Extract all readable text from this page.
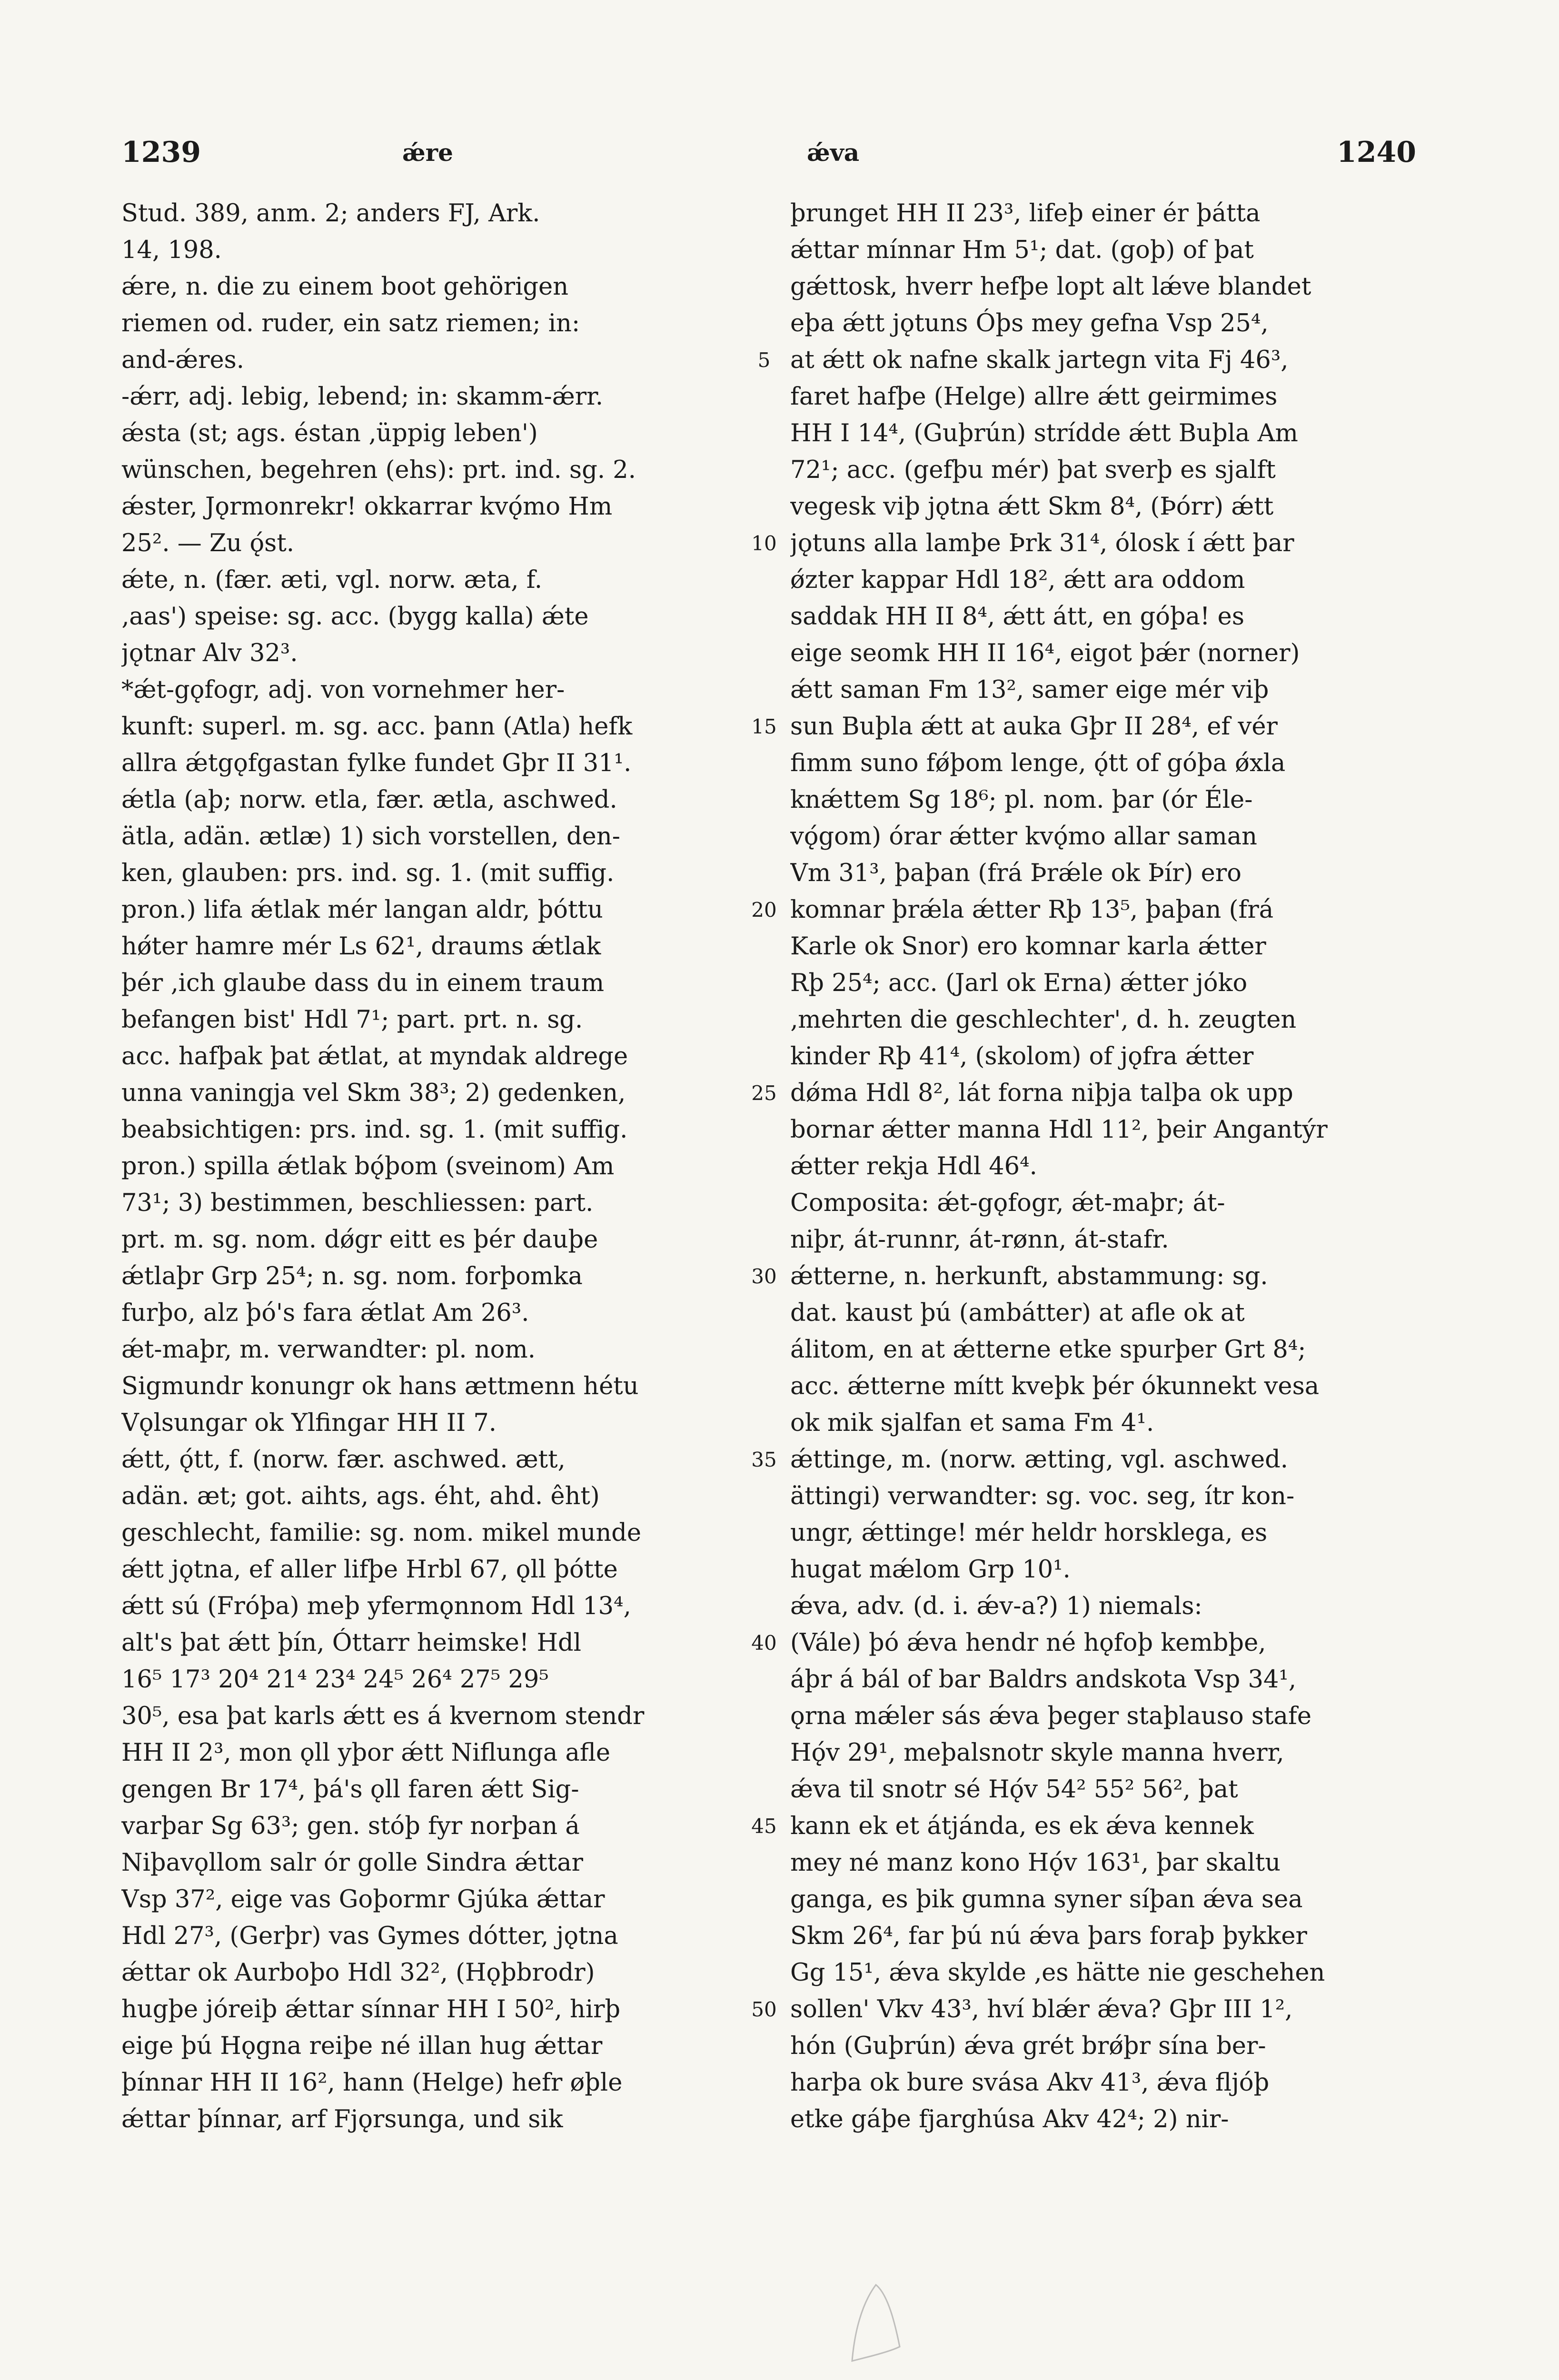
1239	ǽre	ǽva	1240
Stud. 389, anm. 2; anders FJ, Ark.
14, 198.
ǽre, n. die zu einem boot gehörigen
riemen od. ruder, ein satz riemen; in:
and-ǽres.
-ǽrr, adj. lebig, lebend; in: skamm-ǽrr.
ǽsta (st; ags. éstan ‚üppig leben')
wünschen, begehren (ehs): prt. ind. sg. 2.
ǽster, Jǫrmonrekr! okkarrar kvǫ́mo Hm
25². — Zu ǫ́st.
ǽte, n. (fær. æti, vgl. norw. æta, f.
‚aas') speise: sg. acc. (bygg kalla) ǽte
jǫtnar Alv 32³.
*ǽt-gǫfogr, adj. von vornehmer her-
kunft: superl. m. sg. acc. þann (Atla) hefk
allra ǽtgǫfgastan fylke fundet Gþr II 31¹.
ǽtla (aþ; norw. etla, fær. ætla, aschwed.
ätla, adän. ætlæ) 1) sich vorstellen, den-
ken, glauben: prs. ind. sg. 1. (mit suffig.
pron.) lifa ǽtlak mér langan aldr, þóttu
hǿter hamre mér Ls 62¹, draums ǽtlak
þér ‚ich glaube dass du in einem traum
befangen bist' Hdl 7¹; part. prt. n. sg.
acc. hafþak þat ǽtlat, at myndak aldrege
unna vaningja vel Skm 38³; 2) gedenken,
beabsichtigen: prs. ind. sg. 1. (mit suffig.
pron.) spilla ǽtlak bǫ́þom (sveinom) Am
73¹; 3) bestimmen, beschliessen: part.
prt. m. sg. nom. dǿgr eitt es þér dauþe
ǽtlaþr Grp 25⁴; n. sg. nom. forþomka
furþo, alz þó's fara ǽtlat Am 26³.
ǽt-maþr, m. verwandter: pl. nom.
Sigmundr konungr ok hans ættmenn hétu
Vǫlsungar ok Ylfingar HH II 7.
ǽtt, ǫ́tt, f. (norw. fær. aschwed. ætt,
adän. æt; got. aihts, ags. éht, ahd. êht)
geschlecht, familie: sg. nom. mikel munde
ǽtt jǫtna, ef aller lifþe Hrbl 67, ǫll þótte
ǽtt sú (Fróþa) meþ yfermǫnnom Hdl 13⁴,
alt's þat ǽtt þín, Óttarr heimske! Hdl
16⁵ 17³ 20⁴ 21⁴ 23⁴ 24⁵ 26⁴ 27⁵ 29⁵
30⁵, esa þat karls ǽtt es á kvernom stendr
HH II 2³, mon ǫll yþor ǽtt Niflunga afle
gengen Br 17⁴, þá's ǫll faren ǽtt Sig-
varþar Sg 63³; gen. stóþ fyr norþan á
Niþavǫllom salr ór golle Sindra ǽttar
Vsp 37², eige vas Goþormr Gjúka ǽttar
Hdl 27³, (Gerþr) vas Gymes dótter, jǫtna
ǽttar ok Aurboþo Hdl 32², (Hǫþbrodr)
hugþe jóreiþ ǽttar sínnar HH I 50², hirþ
eige þú Hǫgna reiþe né illan hug ǽttar
þínnar HH II 16², hann (Helge) hefr øþle
ǽttar þínnar, arf Fjǫrsunga, und sik
5
10
15
20
25
30
35
40
45
50
þrunget HH II 23³, lifeþ einer ér þátta
ǽttar mínnar Hm 5¹; dat. (goþ) of þat
gǽttosk, hverr hefþe lopt alt lǽve blandet
eþa ǽtt jǫtuns Óþs mey gefna Vsp 25⁴,
at ǽtt ok nafne skalk jartegn vita Fj 46³,
faret hafþe (Helge) allre ǽtt geirmimes
HH I 14⁴, (Guþrún) strídde ǽtt Buþla Am
72¹; acc. (gefþu mér) þat sverþ es sjalft
vegesk viþ jǫtna ǽtt Skm 8⁴, (Þórr) ǽtt
jǫtuns alla lamþe Þrk 31⁴, ólosk í ǽtt þar
ǿzter kappar Hdl 18², ǽtt ara oddom
saddak HH II 8⁴, ǽtt átt, en góþa! es
eige seomk HH II 16⁴, eigot þǽr (norner)
ǽtt saman Fm 13², samer eige mér viþ
sun Buþla ǽtt at auka Gþr II 28⁴, ef vér
fimm suno fǿþom lenge, ǫ́tt of góþa ǿxla
knǽttem Sg 18⁶; pl. nom. þar (ór Éle-
vǫ́gom) órar ǽtter kvǫ́mo allar saman
Vm 31³, þaþan (frá Þrǽle ok Þír) ero
komnar þrǽla ǽtter Rþ 13⁵, þaþan (frá
Karle ok Snor) ero komnar karla ǽtter
Rþ 25⁴; acc. (Jarl ok Erna) ǽtter jóko
‚mehrten die geschlechter', d. h. zeugten
kinder Rþ 41⁴, (skolom) of jǫfra ǽtter
dǿma Hdl 8², lát forna niþja talþa ok upp
bornar ǽtter manna Hdl 11², þeir Angantýr
ǽtter rekja Hdl 46⁴.
Composita: ǽt-gǫfogr, ǽt-maþr; át-
niþr, át-runnr, át-rønn, át-stafr.
ǽtterne, n. herkunft, abstammung: sg.
dat. kaust þú (ambátter) at afle ok at
álitom, en at ǽtterne etke spurþer Grt 8⁴;
acc. ǽtterne mítt kveþk þér ókunnekt vesa
ok mik sjalfan et sama Fm 4¹.
ǽttinge, m. (norw. ætting, vgl. aschwed.
ättingi) verwandter: sg. voc. seg, ítr kon-
ungr, ǽttinge! mér heldr horsklega, es
hugat mǽlom Grp 10¹.
ǽva, adv. (d. i. ǽv-a?) 1) niemals:
(Vále) þó ǽva hendr né hǫfoþ kembþe,
áþr á bál of bar Baldrs andskota Vsp 34¹,
ǫrna mǽler sás ǽva þeger staþlauso stafe
Hǫ́v 29¹, meþalsnotr skyle manna hverr,
ǽva til snotr sé Hǫ́v 54² 55² 56², þat
kann ek et átjánda, es ek ǽva kennek
mey né manz kono Hǫ́v 163¹, þar skaltu
ganga, es þik gumna syner síþan ǽva sea
Skm 26⁴, far þú nú ǽva þars foraþ þykker
Gg 15¹, ǽva skylde ‚es hätte nie geschehen
sollen' Vkv 43³, hví blǽr ǽva? Gþr III 1²,
hón (Guþrún) ǽva grét brǿþr sína ber-
harþa ok bure svása Akv 41³, ǽva fljóþ
etke gáþe fjarghúsa Akv 42⁴; 2) nir-
